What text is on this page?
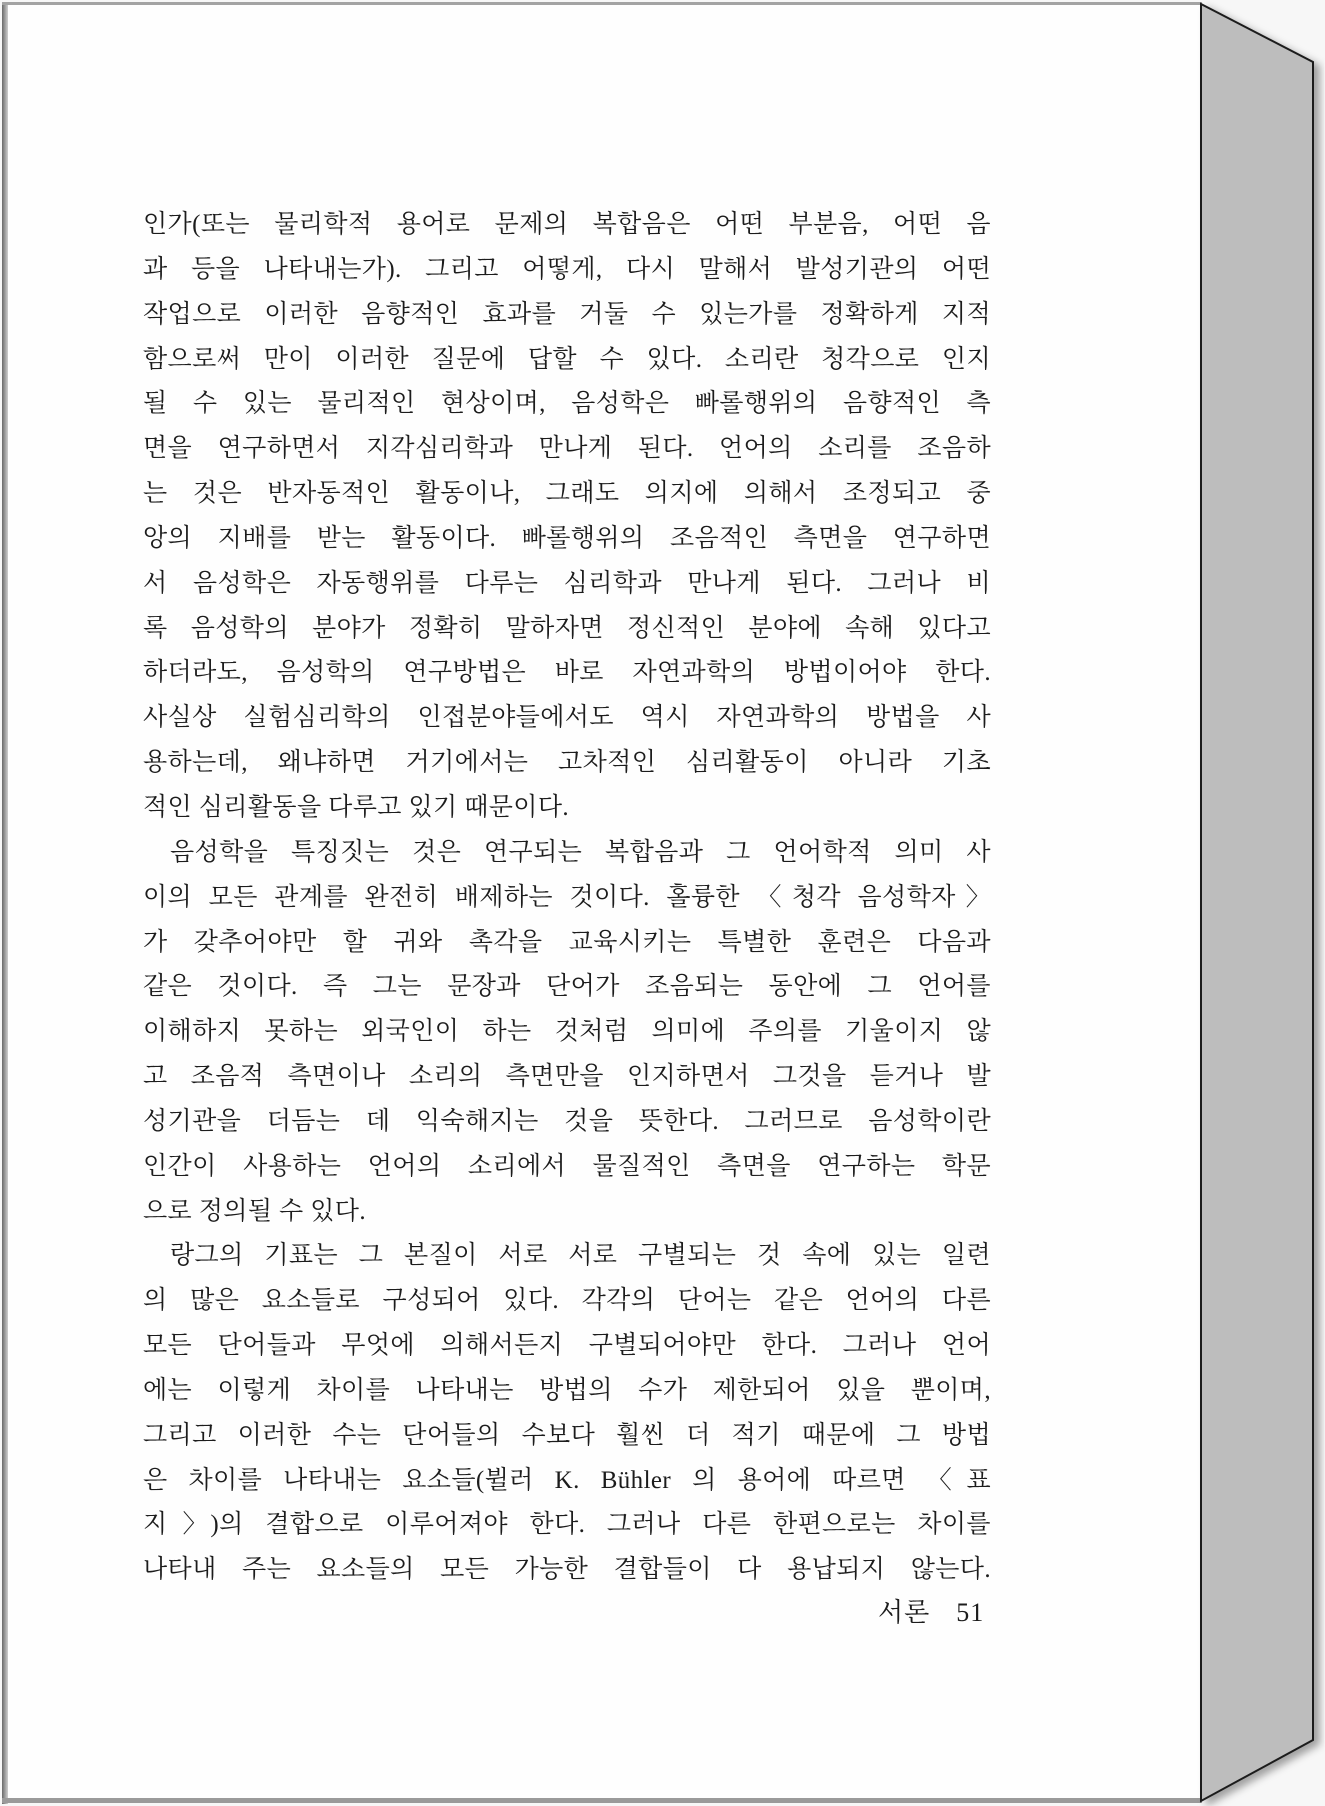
인가(또는 물리학적 용어로 문제의 복합음은 어떤 부분음, 어떤 음
과 등을 나타내는가). 그리고 어떻게, 다시 말해서 발성기관의 어떤
작업으로 이러한 음향적인 효과를 거둘 수 있는가를 정확하게 지적
함으로써 만이 이러한 질문에 답할 수 있다. 소리란 청각으로 인지
될 수 있는 물리적인 현상이며, 음성학은 빠롤행위의 음향적인 측
면을 연구하면서 지각심리학과 만나게 된다. 언어의 소리를 조음하
는 것은 반자동적인 활동이나, 그래도 의지에 의해서 조정되고 중
앙의 지배를 받는 활동이다. 빠롤행위의 조음적인 측면을 연구하면
서 음성학은 자동행위를 다루는 심리학과 만나게 된다. 그러나 비
록 음성학의 분야가 정확히 말하자면 정신적인 분야에 속해 있다고
하더라도, 음성학의 연구방법은 바로 자연과학의 방법이어야 한다.
사실상 실험심리학의 인접분야들에서도 역시 자연과학의 방법을 사
용하는데, 왜냐하면 거기에서는 고차적인 심리활동이 아니라 기초
적인 심리활동을 다루고 있기 때문이다.
음성학을 특징짓는 것은 연구되는 복합음과 그 언어학적 의미 사
이의 모든 관계를 완전히 배제하는 것이다. 홀륭한 〈청각 음성학자〉
가 갖추어야만 할 귀와 촉각을 교육시키는 특별한 훈련은 다음과
같은 것이다. 즉 그는 문장과 단어가 조음되는 동안에 그 언어를
이해하지 못하는 외국인이 하는 것처럼 의미에 주의를 기울이지 않
고 조음적 측면이나 소리의 측면만을 인지하면서 그것을 듣거나 발
성기관을 더듬는 데 익숙해지는 것을 뜻한다. 그러므로 음성학이란
인간이 사용하는 언어의 소리에서 물질적인 측면을 연구하는 학문
으로 정의될 수 있다.
랑그의 기표는 그 본질이 서로 서로 구별되는 것 속에 있는 일련
의 많은 요소들로 구성되어 있다. 각각의 단어는 같은 언어의 다른
모든 단어들과 무엇에 의해서든지 구별되어야만 한다. 그러나 언어
에는 이렇게 차이를 나타내는 방법의 수가 제한되어 있을 뿐이며,
그리고 이러한 수는 단어들의 수보다 훨씬 더 적기 때문에 그 방법
은 차이를 나타내는 요소들(뷜러 K. Bühler 의 용어에 따르면 〈표
지〉)의 결합으로 이루어져야 한다. 그러나 다른 한편으로는 차이를
나타내 주는 요소들의 모든 가능한 결합들이 다 용납되지 않는다.
서론 51
